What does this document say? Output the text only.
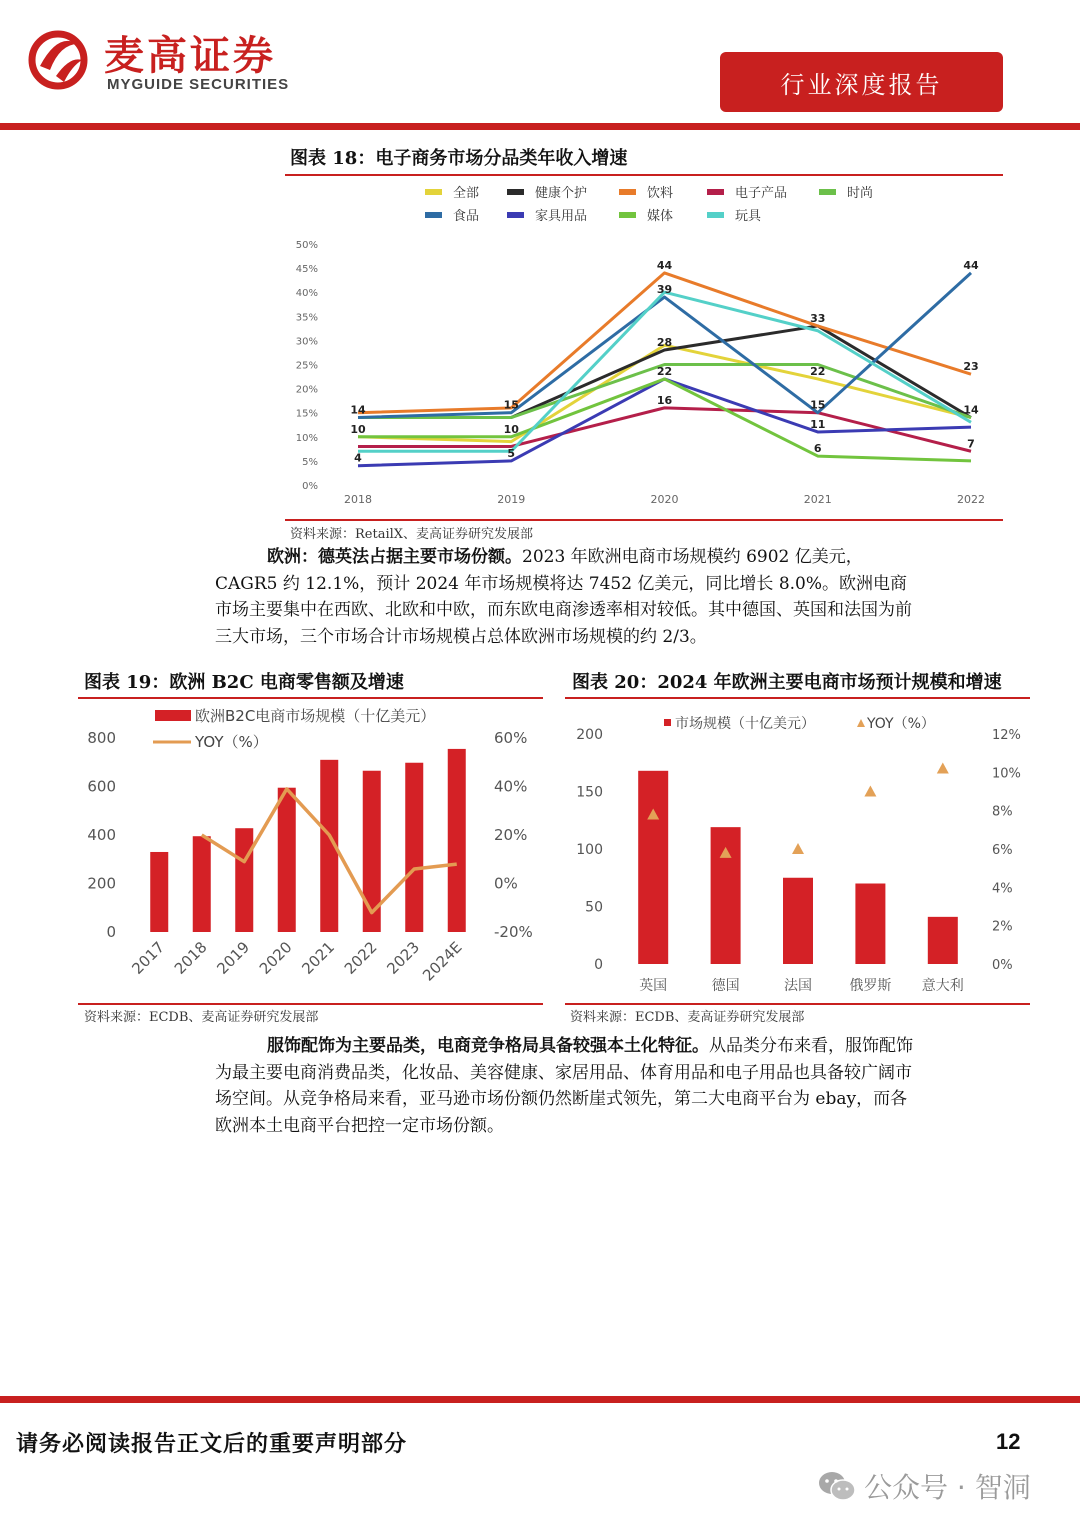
麦高证券
MYGUIDE SECURITIES	行业深度报告
图表 18：电子商务市场分品类年收入增速
全部	健康个护	饮料	电子产品	时尚
食品	家具用品	媒体	玩具
0%
5%
10%
15%
20%
25%
30%
35%
40%
45%
50%
2018	2019	2020	2021	2022
14
10
4
15
10
5
44
39
28
22
16
33
22
15
11
6
44
23
14
7
资料来源：RetailX、麦高证券研究发展部
欧洲：德英法占据主要市场份额。2023 年欧洲电商市场规模约 6902 亿美元，CAGR5 约 12.1%，预计 2024 年市场规模将达 7452 亿美元，同比增长 8.0%。欧洲电商市场主要集中在西欧、北欧和中欧，而东欧电商渗透率相对较低。其中德国、英国和法国为前三大市场，三个市场合计市场规模占总体欧洲市场规模的约 2/3。
图表 19：欧洲 B2C 电商零售额及增速
欧洲B2C电商市场规模（十亿美元）
YOY（%）
0
200
400
600
800
-20%
0%
20%
40%
60%
2017 2018 2019 2020 2021 2022 2023
2024E
资料来源：ECDB、麦高证券研究发展部
图表 20：2024 年欧洲主要电商市场预计规模和增速
市场规模（十亿美元）	YOY（%）
0
50
100
150
200
0%
2%
4%
6%
8%
10%
12%
英国	德国	法国	俄罗斯 意大利
资料来源：ECDB、麦高证券研究发展部
服饰配饰为主要品类，电商竞争格局具备较强本土化特征。从品类分布来看，服饰配饰为最主要电商消费品类，化妆品、美容健康、家居用品、体育用品和电子用品也具备较广阔市场空间。从竞争格局来看，亚马逊市场份额仍然断崖式领先，第二大电商平台为 ebay，而各欧洲本土电商平台把控一定市场份额。
请务必阅读报告正文后的重要声明部分	12
公众号 · 智洞
